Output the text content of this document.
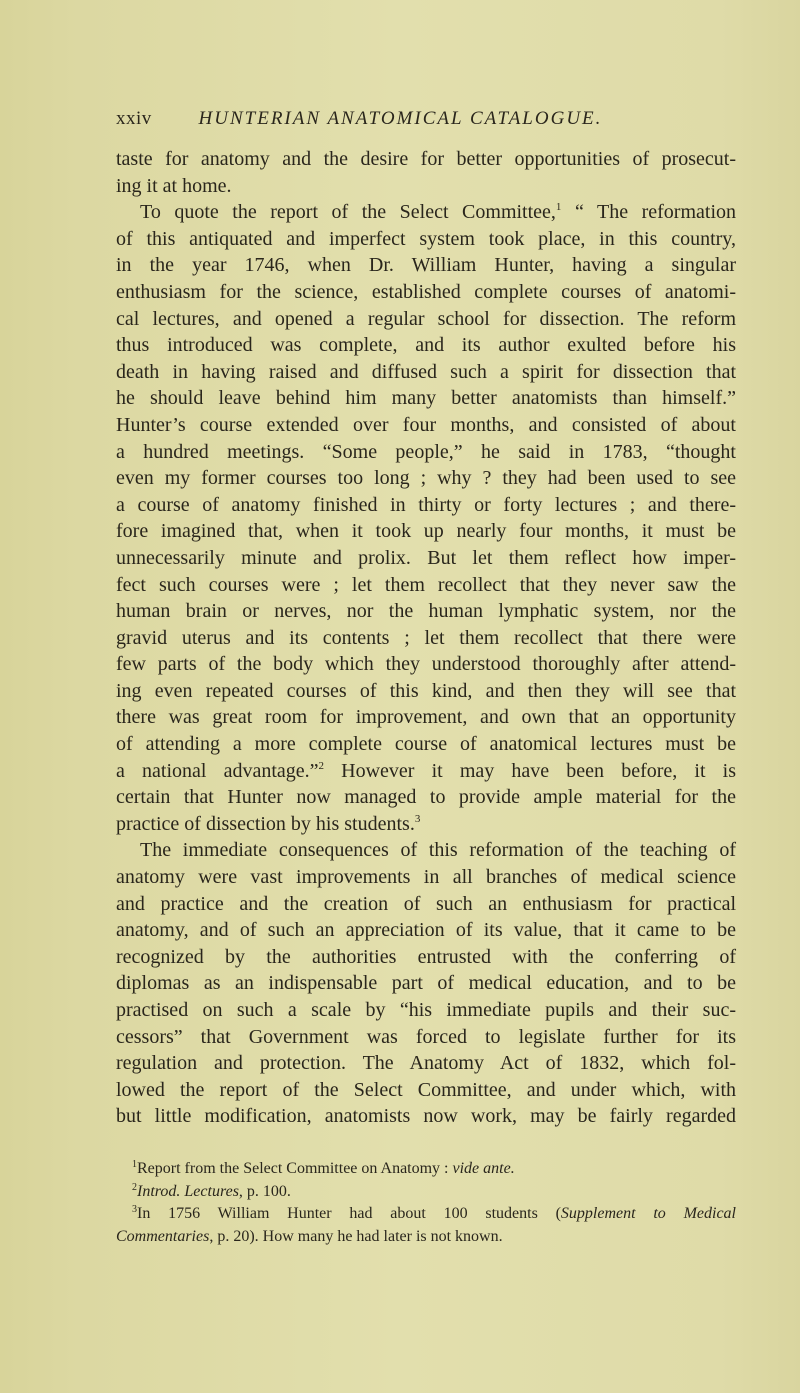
xxiv HUNTERIAN ANATOMICAL CATALOGUE.
taste for anatomy and the desire for better opportunities of prosecut-
ing it at home.
To quote the report of the Select Committee,$^1$ “ The reformation
of this antiquated and imperfect system took place, in this country,
in the year 1746, when Dr. William Hunter, having a singular
enthusiasm for the science, established complete courses of anatomi-
cal lectures, and opened a regular school for dissection. The reform
thus introduced was complete, and its author exulted before his
death in having raised and diffused such a spirit for dissection that
he should leave behind him many better anatomists than himself.”
Hunter’s course extended over four months, and consisted of about
a hundred meetings. “Some people,” he said in 1783, “thought
even my former courses too long ; why ? they had been used to see
a course of anatomy finished in thirty or forty lectures ; and there-
fore imagined that, when it took up nearly four months, it must be
unnecessarily minute and prolix. But let them reflect how imper-
fect such courses were ; let them recollect that they never saw the
human brain or nerves, nor the human lymphatic system, nor the
gravid uterus and its contents ; let them recollect that there were
few parts of the body which they understood thoroughly after attend-
ing even repeated courses of this kind, and then they will see that
there was great room for improvement, and own that an opportunity
of attending a more complete course of anatomical lectures must be
a national advantage.”$^2$ However it may have been before, it is
certain that Hunter now managed to provide ample material for the
practice of dissection by his students.$^3$
The immediate consequences of this reformation of the teaching of
anatomy were vast improvements in all branches of medical science
and practice and the creation of such an enthusiasm for practical
anatomy, and of such an appreciation of its value, that it came to be
recognized by the authorities entrusted with the conferring of
diplomas as an indispensable part of medical education, and to be
practised on such a scale by “his immediate pupils and their suc-
cessors” that Government was forced to legislate further for its
regulation and protection. The Anatomy Act of 1832, which fol-
lowed the report of the Select Committee, and under which, with
but little modification, anatomists now work, may be fairly regarded
$^1$Report from the Select Committee on Anatomy : vide ante.
$^2$Introd. Lectures, p. 100.
$^3$In 1756 William Hunter had about 100 students (Supplement to Medical
Commentaries, p. 20). How many he had later is not known.
